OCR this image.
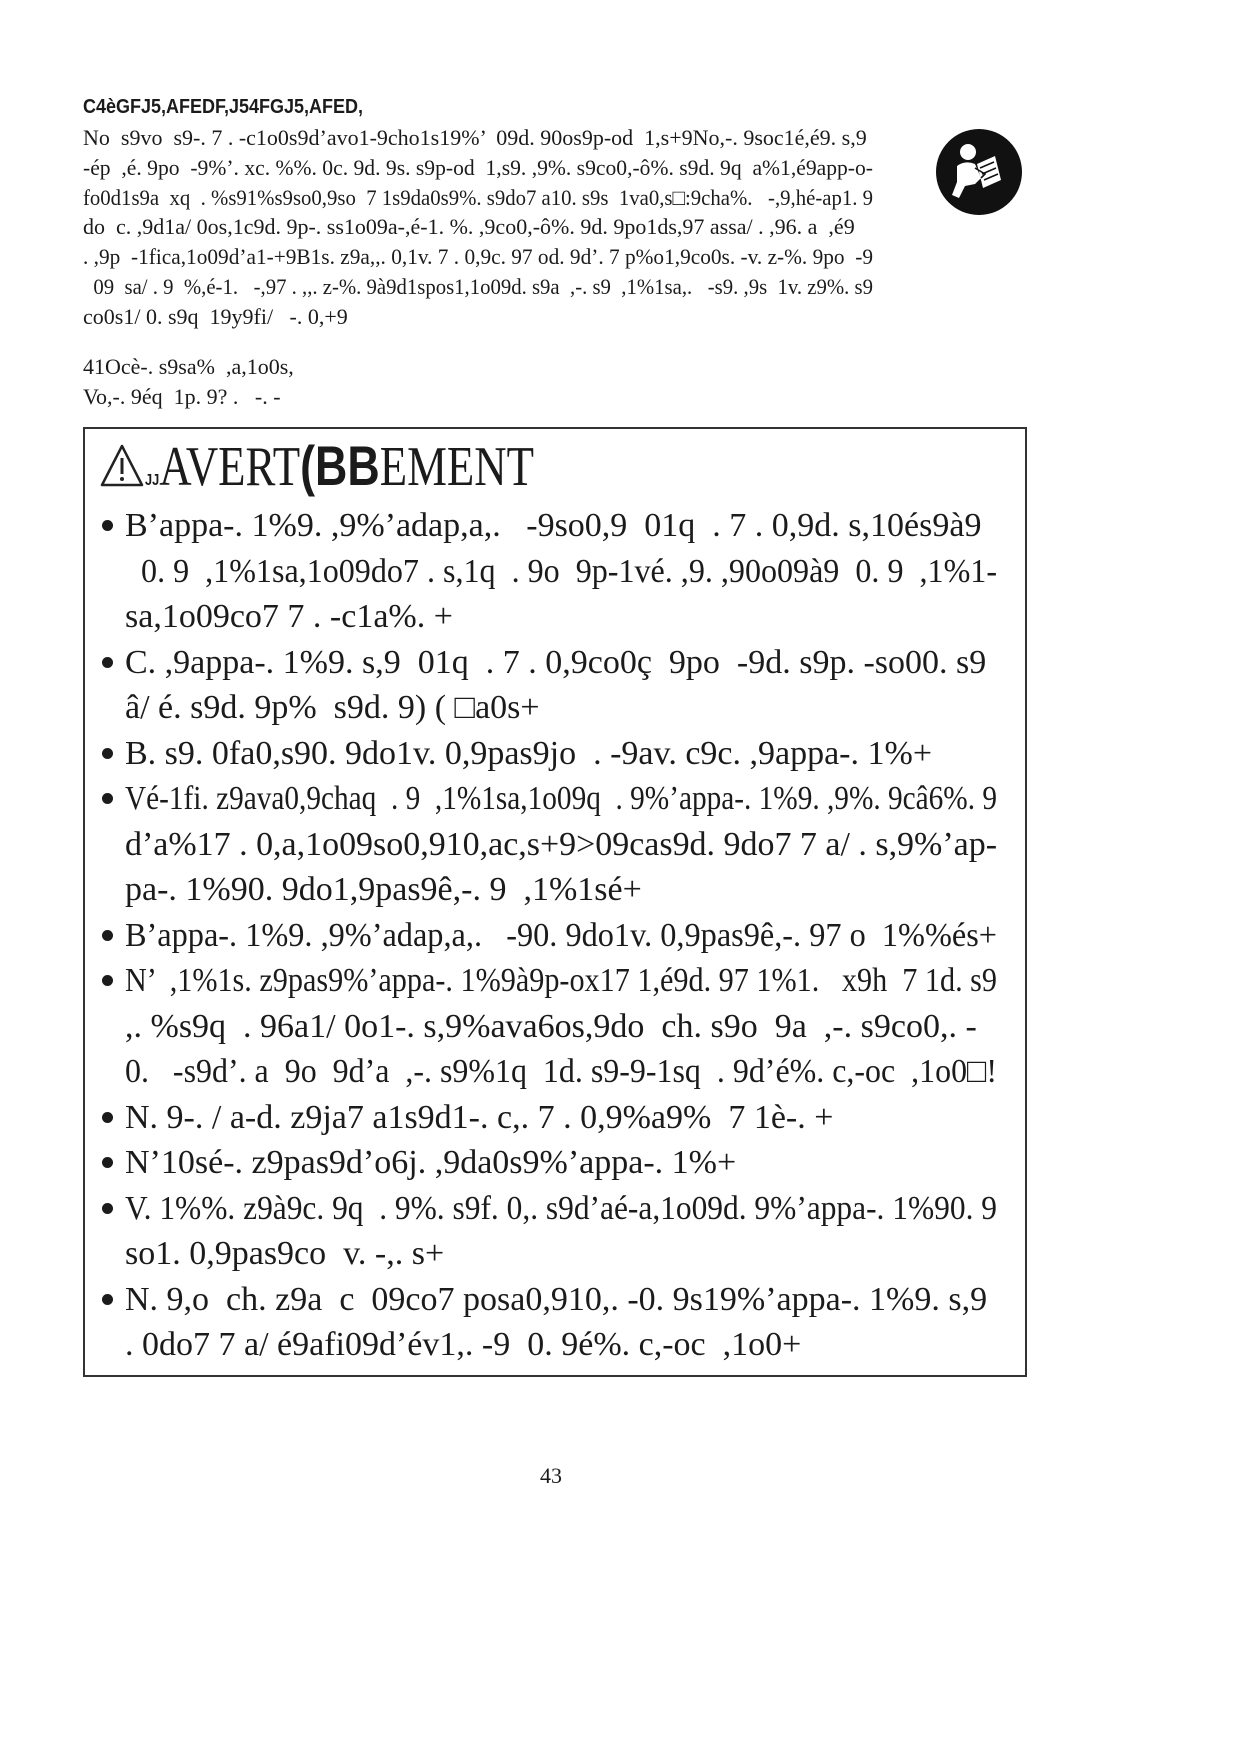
C4èGFJ5,AFEDF,J54FGJ5,AFED,
No  s9vo  s9-. 7 . -c1o0s9d’avo1-9cho1s19%’  09d. 90os9p-od  1,s+9No,-. 9soc1é,é9. s,9
-ép  ,é. 9po  -9%’. xc. %%. 0c. 9d. 9s. s9p-od  1,s9. ,9%. s9co0,-ô%. s9d. 9q  a%1,é9app-o-
fo0d1s9a  xq  . %s91%s9so0,9so  7 1s9da0s9%. s9do7 a10. s9s  1va0,s□:9cha%.   -,9,hé-ap1. 9
do  c. ,9d1a/ 0os,1c9d. 9p-. ss1o09a-,é-1. %. ,9co0,-ô%. 9d. 9po1ds,97 assa/ . ,96. a  ,é9
. ,9p  -1fica,1o09d’a1-+9B1s. z9a,,. 0,1v. 7 . 0,9c. 97 od. 9d’. 7 p%o1,9co0s. -v. z-%. 9po  -9
09  sa/ . 9  %,é-1.   -,97 . ,,. z-%. 9à9d1spos1,1o09d. s9a  ,-. s9  ,1%1sa,.   -s9. ,9s  1v. z9%. s9
co0s1/ 0. s9q  19y9fi/   -. 0,+9
41Ocè-. s9sa%  ,a,1o0s,
Vo,-. 9éq  1p. 9? .   -. -
JJAVERT(BBEMENT
B’appa-. 1%9. ,9%’adap,a,.   -9so0,9  01q  . 7 . 0,9d. s,10és9à9
0. 9  ,1%1sa,1o09do7 . s,1q  . 9o  9p-1vé. ,9. ,90o09à9  0. 9  ,1%1-
sa,1o09co7 7 . -c1a%. +
C. ,9appa-. 1%9. s,9  01q  . 7 . 0,9co0ç  9po  -9d. s9p. -so00. s9
â/ é. s9d. 9p%  s9d. 9) ( □a0s+
B. s9. 0fa0,s90. 9do1v. 0,9pas9jo  . -9av. c9c. ,9appa-. 1%+
Vé-1fi. z9ava0,9chaq  . 9  ,1%1sa,1o09q  . 9%’appa-. 1%9. ,9%. 9câ6%. 9
d’a%17 . 0,a,1o09so0,910,ac,s+9>09cas9d. 9do7 7 a/ . s,9%’ap-
pa-. 1%90. 9do1,9pas9ê,-. 9  ,1%1sé+
B’appa-. 1%9. ,9%’adap,a,.   -90. 9do1v. 0,9pas9ê,-. 97 o  1%%és+
N’  ,1%1s. z9pas9%’appa-. 1%9à9p-ox17 1,é9d. 97 1%1.   x9h  7 1d. s9
,. %s9q  . 96a1/ 0o1-. s,9%ava6os,9do  ch. s9o  9a  ,-. s9co0,. -
0.   -s9d’. a  9o  9d’a  ,-. s9%1q  1d. s9-9-1sq  . 9d’é%. c,-oc  ,1o0□!
N. 9-. / a-d. z9ja7 a1s9d1-. c,. 7 . 0,9%a9%  7 1è-. +
N’10sé-. z9pas9d’o6j. ,9da0s9%’appa-. 1%+
V. 1%%. z9à9c. 9q  . 9%. s9f. 0,. s9d’aé-a,1o09d. 9%’appa-. 1%90. 9
so1. 0,9pas9co  v. -,. s+
N. 9,o  ch. z9a  c  09co7 posa0,910,. -0. 9s19%’appa-. 1%9. s,9
. 0do7 7 a/ é9afi09d’év1,. -9  0. 9é%. c,-oc  ,1o0+
43
